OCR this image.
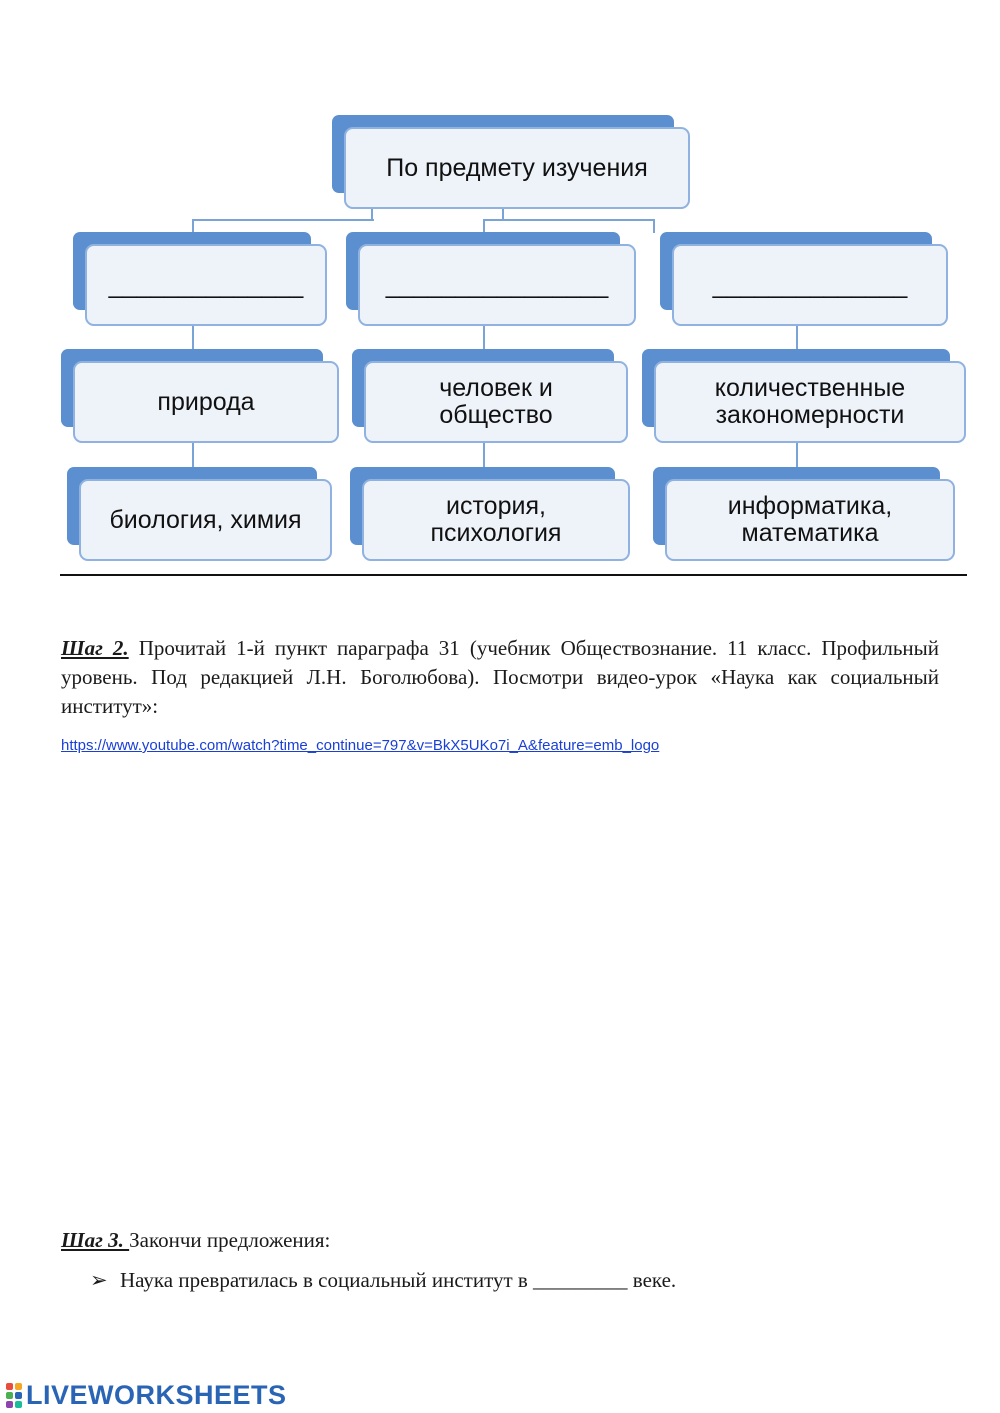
По предмету изучения
______________	________________	______________
природа	человек и общество
количественные закономерности
биология, химия	история, психология
информатика, математика
Шаг 2. Прочитай 1-й пункт параграфа 31 (учебник Обществознание. 11 класс. Профильный уровень. Под редакцией Л.Н. Боголюбова). Посмотри видео-урок «Наука как социальный институт»:
https://www.youtube.com/watch?time_continue=797&v=BkX5UKo7i_A&feature=emb_logo
Шаг 3. Закончи предложения:
➢ Наука превратилась в социальный институт в _________ веке.
LIVEWORKSHEETS
